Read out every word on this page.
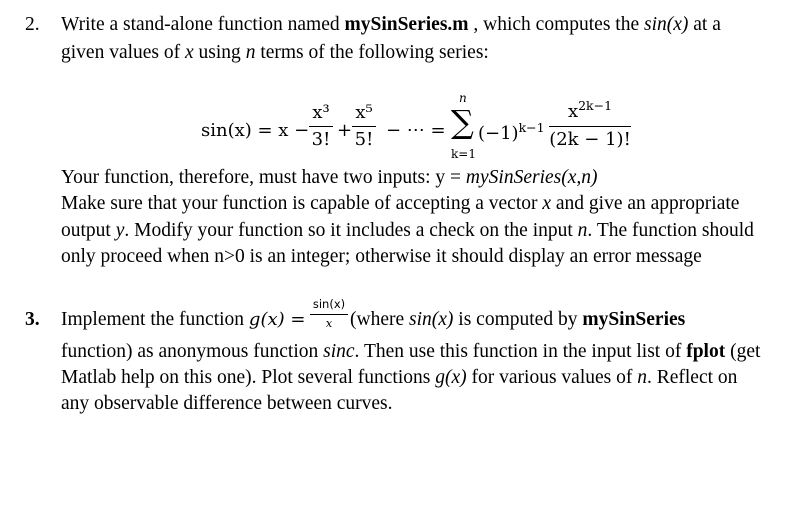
2. Write a stand-alone function named mySinSeries.m , which computes the sin(x) at a
given values of x using n terms of the following series:
sin(x) = x −
x³
3! +
x⁵
5! − ⋯ =
n
∑
k=1
$(-1)^{k-1}$
$x^{2k-1}$
(2k − 1)!
Your function, therefore, must have two inputs: y = mySinSeries(x,n)
Make sure that your function is capable of accepting a vector x and give an appropriate
output y. Modify your function so it includes a check on the input n. The function should
only proceed when n>0 is an integer; otherwise it should display an error message
3. Implement the function g(x) =
sin(x)
x (where sin(x) is computed by mySinSeries
function) as anonymous function sinc. Then use this function in the input list of fplot (get
Matlab help on this one). Plot several functions g(x) for various values of n. Reflect on
any observable difference between curves.
